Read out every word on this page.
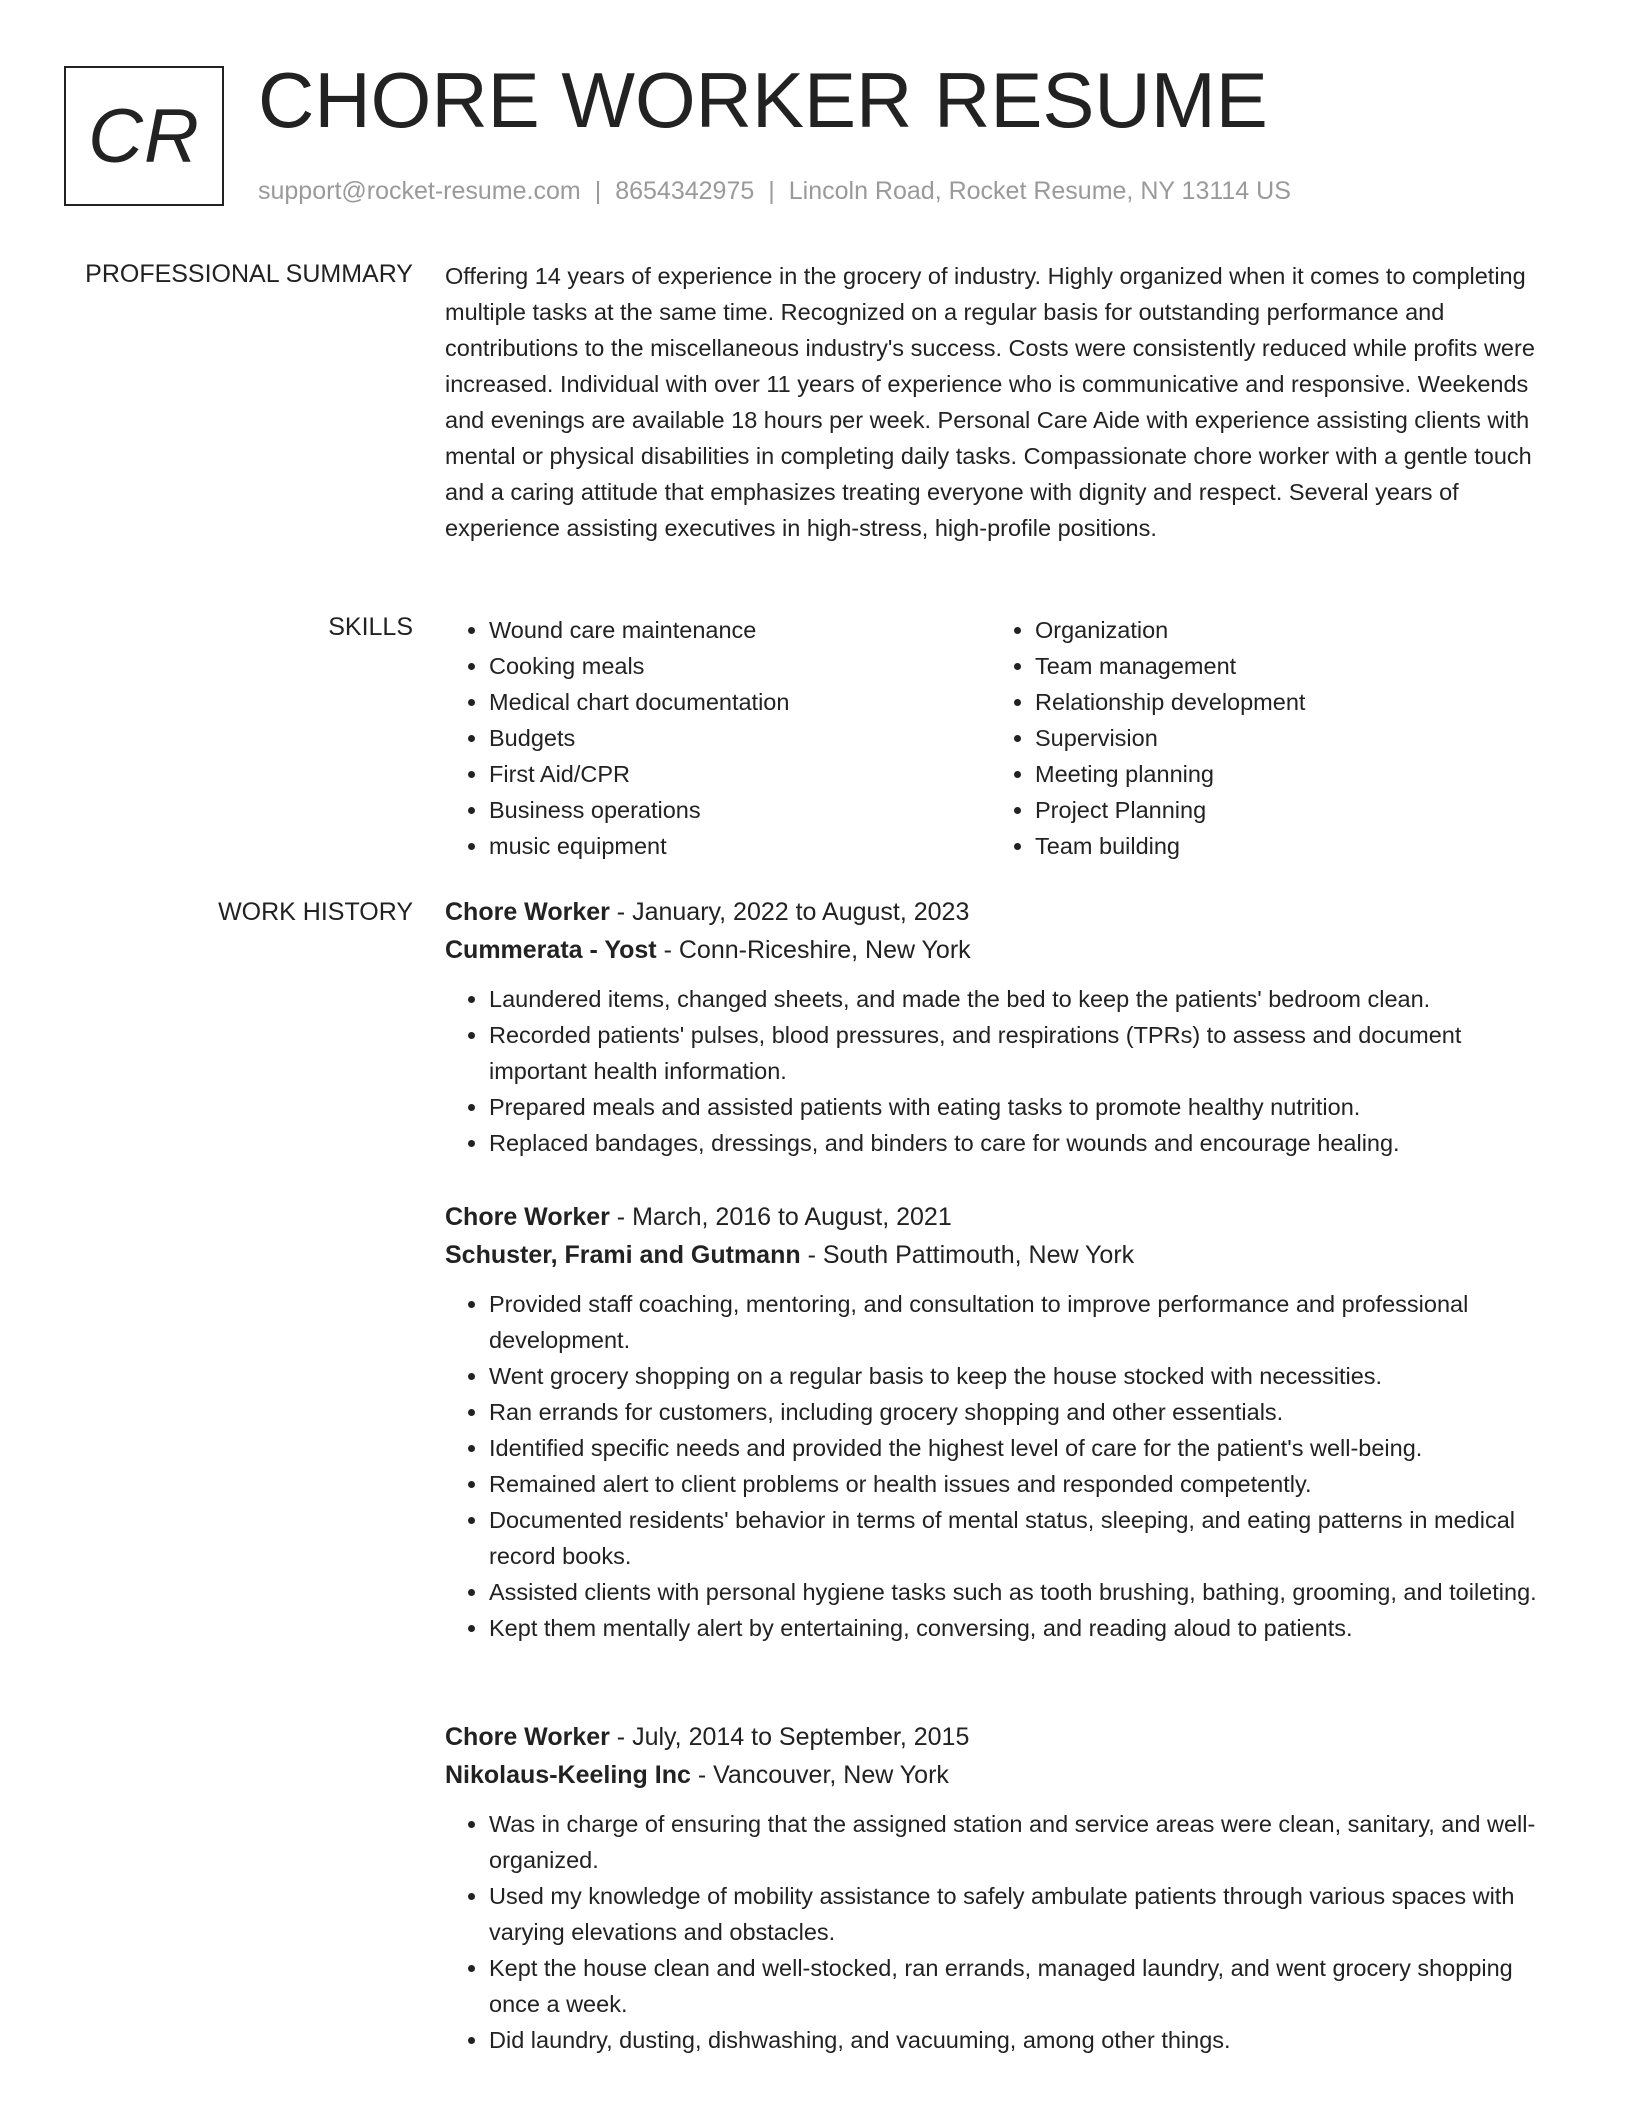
CR CHORE WORKER RESUME
support@rocket-resume.com | 8654342975 | Lincoln Road, Rocket Resume, NY 13114 US
PROFESSIONAL SUMMARY Offering 14 years of experience in the grocery of industry. Highly organized when it comes to completing multiple tasks at the same time. Recognized on a regular basis for outstanding performance and contributions to the miscellaneous industry's success. Costs were consistently reduced while profits were increased. Individual with over 11 years of experience who is communicative and responsive. Weekends and evenings are available 18 hours per week. Personal Care Aide with experience assisting clients with mental or physical disabilities in completing daily tasks. Compassionate chore worker with a gentle touch and a caring attitude that emphasizes treating everyone with dignity and respect. Several years of experience assisting executives in high-stress, high-profile positions.

SKILLS
•	Wound care maintenance
• Cooking meals
• Medical chart documentation
• Budgets
• First Aid/CPR
• Business operations
• music equipment
• Organization
• Team management
• Relationship development
• Supervision
• Meeting planning
• Project Planning
• Team building
WORK HISTORY Chore Worker - January, 2022 to August, 2023
Cummerata - Yost - Conn-Riceshire, New York
• Laundered items, changed sheets, and made the bed to keep the patients' bedroom clean.
• Recorded patients' pulses, blood pressures, and respirations (TPRs) to assess and document important health information.
• Prepared meals and assisted patients with eating tasks to promote healthy nutrition.
• Replaced bandages, dressings, and binders to care for wounds and encourage healing.
Chore Worker - March, 2016 to August, 2021
Schuster, Frami and Gutmann - South Pattimouth, New York
• Provided staff coaching, mentoring, and consultation to improve performance and professional development.
• Went grocery shopping on a regular basis to keep the house stocked with necessities.
• Ran errands for customers, including grocery shopping and other essentials.
• Identified specific needs and provided the highest level of care for the patient's well-being.
• Remained alert to client problems or health issues and responded competently.
• Documented residents' behavior in terms of mental status, sleeping, and eating patterns in medical record books.
• Assisted clients with personal hygiene tasks such as tooth brushing, bathing, grooming, and toileting.
• Kept them mentally alert by entertaining, conversing, and reading aloud to patients.
Chore Worker - July, 2014 to September, 2015
Nikolaus-Keeling Inc - Vancouver, New York
• Was in charge of ensuring that the assigned station and service areas were clean, sanitary, and well-organized.
• Used my knowledge of mobility assistance to safely ambulate patients through various spaces with varying elevations and obstacles.
• Kept the house clean and well-stocked, ran errands, managed laundry, and went grocery shopping once a week.
• Did laundry, dusting, dishwashing, and vacuuming, among other things.
